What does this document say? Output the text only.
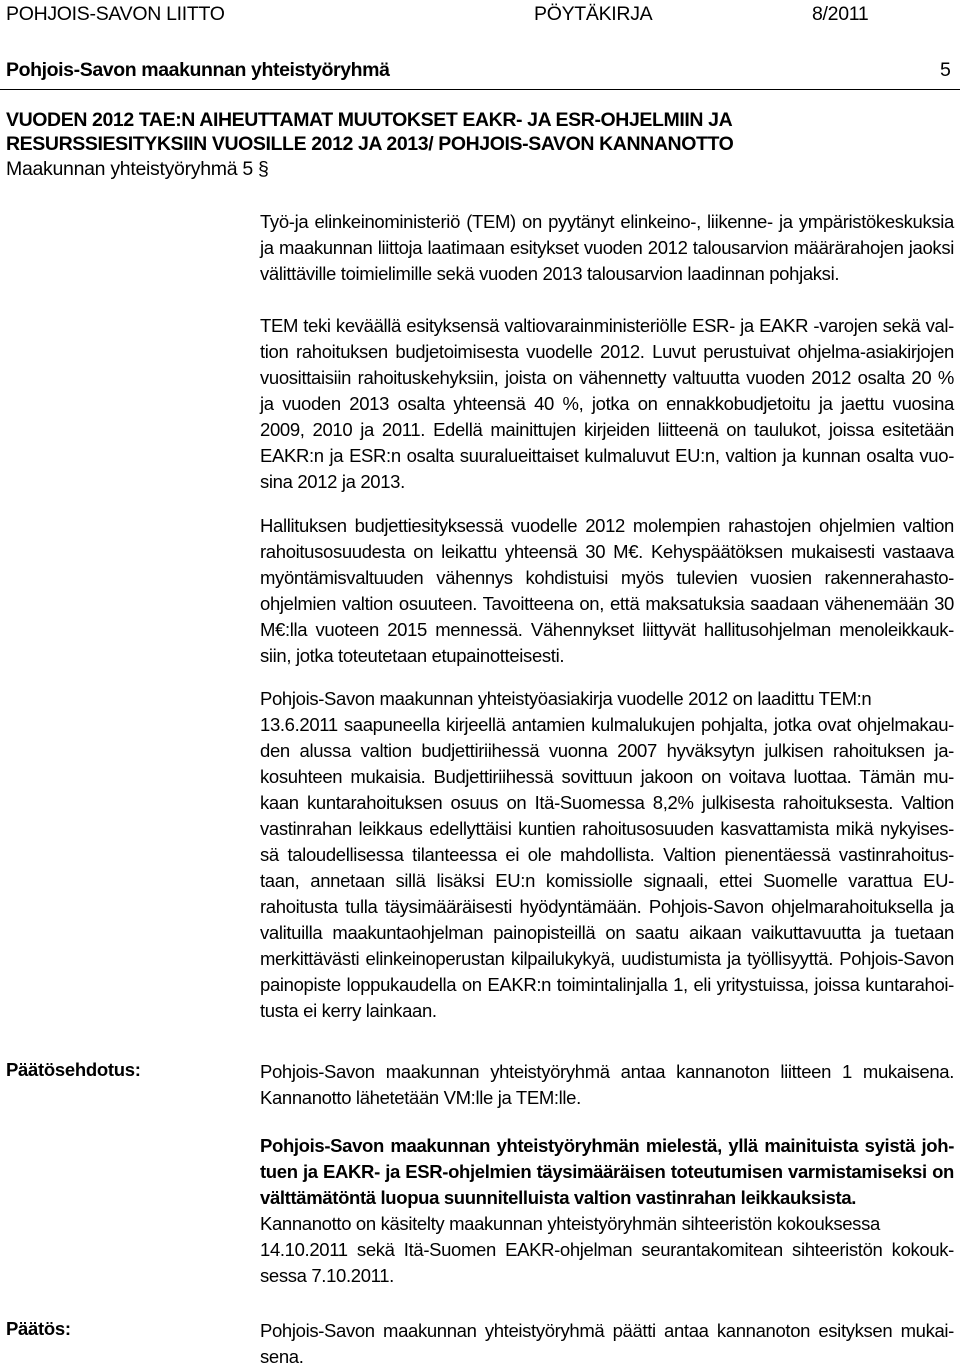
POHJOIS-SAVON LIITTO	PÖYTÄKIRJA	8/2011
Pohjois-Savon maakunnan yhteistyöryhmä	5
VUODEN 2012 TAE:N AIHEUTTAMAT MUUTOKSET EAKR- JA ESR-OHJELMIIN JA
RESURSSIESITYKSIIN VUOSILLE 2012 JA 2013/ POHJOIS-SAVON KANNANOTTO
Maakunnan yhteistyöryhmä 5 §
Työ-ja elinkeinoministeriö (TEM) on pyytänyt elinkeino-, liikenne- ja ympäristökeskuksia
ja maakunnan liittoja laatimaan esitykset vuoden 2012 talousarvion määrärahojen jaoksi
välittäville toimielimille sekä vuoden 2013 talousarvion laadinnan pohjaksi.
TEM teki keväällä esityksensä valtiovarainministeriölle ESR- ja EAKR -varojen sekä val-
tion rahoituksen budjetoimisesta vuodelle 2012. Luvut perustuivat ohjelma-asiakirjojen
vuosittaisiin rahoituskehyksiin, joista on vähennetty valtuutta vuoden 2012 osalta 20 %
ja vuoden 2013 osalta yhteensä 40 %, jotka on ennakkobudjetoitu ja jaettu vuosina
2009, 2010 ja 2011. Edellä mainittujen kirjeiden liitteenä on taulukot, joissa esitetään
EAKR:n ja ESR:n osalta suuralueittaiset kulmaluvut EU:n, valtion ja kunnan osalta vuo-
sina 2012 ja 2013.
Hallituksen budjettiesityksessä vuodelle 2012 molempien rahastojen ohjelmien valtion
rahoitusosuudesta on leikattu yhteensä 30 M€. Kehyspäätöksen mukaisesti vastaava
myöntämisvaltuuden vähennys kohdistuisi myös tulevien vuosien rakennerahasto-
ohjelmien valtion osuuteen. Tavoitteena on, että maksatuksia saadaan vähenemään 30
M€:lla vuoteen 2015 mennessä. Vähennykset liittyvät hallitusohjelman menoleikkauk-
siin, jotka toteutetaan etupainotteisesti.
Pohjois-Savon maakunnan yhteistyöasiakirja vuodelle 2012 on laadittu TEM:n
13.6.2011 saapuneella kirjeellä antamien kulmalukujen pohjalta, jotka ovat ohjelmakau-
den alussa valtion budjettiriihessä vuonna 2007 hyväksytyn julkisen rahoituksen ja-
kosuhteen mukaisia. Budjettiriihessä sovittuun jakoon on voitava luottaa. Tämän mu-
kaan kuntarahoituksen osuus on Itä-Suomessa 8,2% julkisesta rahoituksesta. Valtion
vastinrahan leikkaus edellyttäisi kuntien rahoitusosuuden kasvattamista mikä nykyises-
sä taloudellisessa tilanteessa ei ole mahdollista. Valtion pienentäessä vastinrahoitus-
taan, annetaan sillä lisäksi EU:n komissiolle signaali, ettei Suomelle varattua EU-
rahoitusta tulla täysimääräisesti hyödyntämään. Pohjois-Savon ohjelmarahoituksella ja
valituilla maakuntaohjelman painopisteillä on saatu aikaan vaikuttavuutta ja tuetaan
merkittävästi elinkeinoperustan kilpailukykyä, uudistumista ja työllisyyttä. Pohjois-Savon
painopiste loppukaudella on EAKR:n toimintalinjalla 1, eli yritystuissa, joissa kuntarahoi-
tusta ei kerry lainkaan.
Päätösehdotus:	Pohjois-Savon maakunnan yhteistyöryhmä antaa kannanoton liitteen 1 mukaisena.
Kannanotto lähetetään VM:lle ja TEM:lle.
Pohjois-Savon maakunnan yhteistyöryhmän mielestä, yllä mainituista syistä joh-
tuen ja EAKR- ja ESR-ohjelmien täysimääräisen toteutumisen varmistamiseksi on
välttämätöntä luopua suunnitelluista valtion vastinrahan leikkauksista.
Kannanotto on käsitelty maakunnan yhteistyöryhmän sihteeristön kokouksessa
14.10.2011 sekä Itä-Suomen EAKR-ohjelman seurantakomitean sihteeristön kokouk-
sessa 7.10.2011.
Päätös:	Pohjois-Savon maakunnan yhteistyöryhmä päätti antaa kannanoton esityksen mukai-
sena.
